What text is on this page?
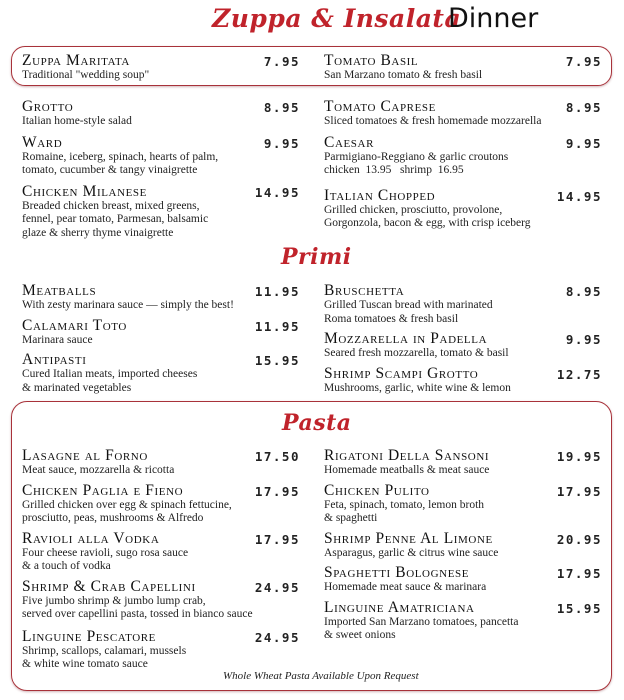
Zuppa & Insalata
Dinner
Zuppa Maritata	7.95
Traditional "wedding soup"
Tomato Basil	7.95
San Marzano tomato & fresh basil
Grotto	8.95
Italian home-style salad
Ward	9.95
Romaine, iceberg, spinach, hearts of palm,
tomato, cucumber & tangy vinaigrette
Chicken Milanese	14.95
Breaded chicken breast, mixed greens,
fennel, pear tomato, Parmesan, balsamic
glaze & sherry thyme vinaigrette
Tomato Caprese	8.95
Sliced tomatoes & fresh homemade mozzarella
Caesar	9.95
Parmigiano-Reggiano & garlic croutons
chicken  13.95   shrimp  16.95
Italian Chopped	14.95
Grilled chicken, prosciutto, provolone,
Gorgonzola, bacon & egg, with crisp iceberg
Primi
Meatballs	11.95
With zesty marinara sauce — simply the best!
Calamari Toto	11.95
Marinara sauce
Antipasti	15.95
Cured Italian meats, imported cheeses
& marinated vegetables
Bruschetta	8.95
Grilled Tuscan bread with marinated
Roma tomatoes & fresh basil
Mozzarella in Padella	9.95
Seared fresh mozzarella, tomato & basil
Shrimp Scampi Grotto	12.75
Mushrooms, garlic, white wine & lemon
Pasta
Lasagne al Forno	17.50
Meat sauce, mozzarella & ricotta
Chicken Paglia e Fieno	17.95
Grilled chicken over egg & spinach fettucine,
prosciutto, peas, mushrooms & Alfredo
Ravioli alla Vodka	17.95
Four cheese ravioli, sugo rosa sauce
& a touch of vodka
Shrimp & Crab Capellini	24.95
Five jumbo shrimp & jumbo lump crab,
served over capellini pasta, tossed in bianco sauce
Linguine Pescatore	24.95
Shrimp, scallops, calamari, mussels
& white wine tomato sauce
Rigatoni Della Sansoni	19.95
Homemade meatballs & meat sauce
Chicken Pulito	17.95
Feta, spinach, tomato, lemon broth
& spaghetti
Shrimp Penne Al Limone	20.95
Asparagus, garlic & citrus wine sauce
Spaghetti Bolognese	17.95
Homemade meat sauce & marinara
Linguine Amatriciana	15.95
Imported San Marzano tomatoes, pancetta
& sweet onions
Whole Wheat Pasta Available Upon Request
